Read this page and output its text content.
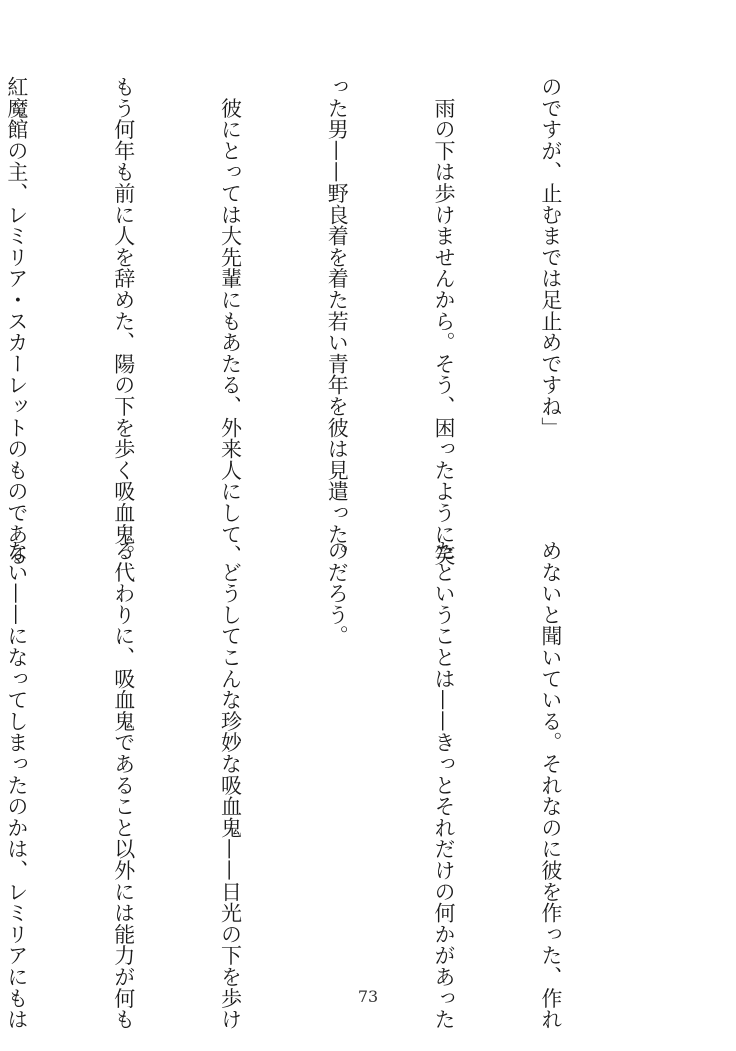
のですが、止むまでは足止めですね」

　雨の下は歩けませんから。そう、困ったように笑

った男——野良着を着た若い青年を彼は見遣った。

　彼にとっては大先輩にもあたる、外来人にして、

もう何年も前に人を辞めた、陽の下を歩く吸血鬼。

紅魔館の主、レミリア・スカーレットのものである

めないと聞いている。それなのに彼を作った、作れ

たということは——きっとそれだけの何かがあった

のだろう。

　どうしてこんな珍妙な吸血鬼——日光の下を歩け

る代わりに、吸血鬼であること以外には能力が何も

ない——になってしまったのかは、レミリアにもは

	73
